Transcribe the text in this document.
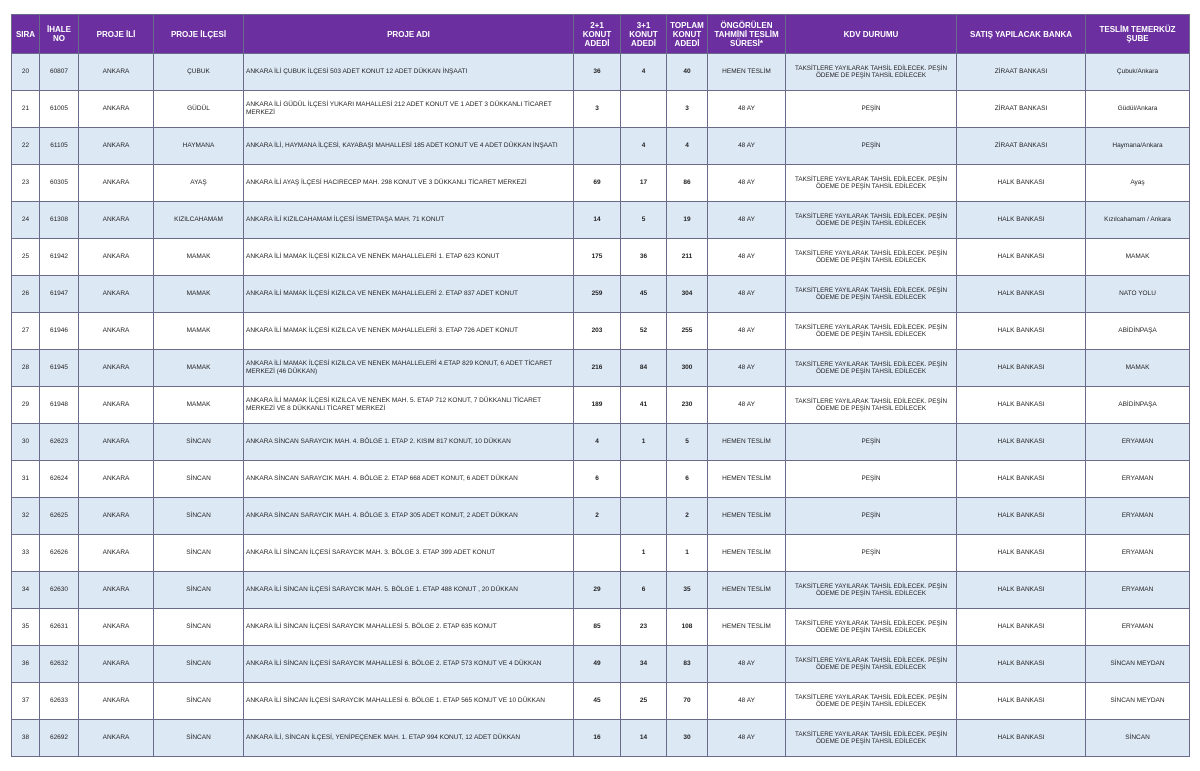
SIRA	İHALE NO	PROJE İLİ	PROJE İLÇESİ	PROJE ADI	2+1 KONUT ADEDİ	3+1 KONUT ADEDİ	TOPLAM KONUT ADEDİ	ÖNGÖRÜLEN TAHMİNİ TESLİM SÜRESİ*	KDV DURUMU	SATIŞ YAPILACAK BANKA	TESLİM TEMERKÜZ ŞUBE
20	60807	ANKARA	ÇUBUK	ANKARA İLİ ÇUBUK İLÇESİ 503 ADET KONUT 12 ADET DÜKKAN İNŞAATI	36	4	40	HEMEN TESLİM	TAKSİTLERE YAYILARAK TAHSİL EDİLECEK. PEŞİN ÖDEME DE PEŞİN TAHSİL EDİLECEK	ZİRAAT BANKASI	Çubuk/Ankara
21	61005	ANKARA	GÜDÜL	ANKARA İLİ GÜDÜL İLÇESİ YUKARI MAHALLESİ 212 ADET KONUT VE 1 ADET 3 DÜKKANLI TİCARET MERKEZİ	3		3	48 AY	PEŞİN	ZİRAAT BANKASI	Güdül/Ankara
22	61105	ANKARA	HAYMANA	ANKARA İLİ, HAYMANA İLÇESİ, KAYABAŞI MAHALLESİ 185 ADET KONUT VE 4 ADET DÜKKAN İNŞAATI		4	4	48 AY	PEŞİN	ZİRAAT BANKASI	Haymana/Ankara
23	60305	ANKARA	AYAŞ	ANKARA İLİ AYAŞ İLÇESİ HACIRECEP MAH. 298 KONUT VE 3 DÜKKANLI TİCARET MERKEZİ	69	17	86	48 AY	TAKSİTLERE YAYILARAK TAHSİL EDİLECEK. PEŞİN ÖDEME DE PEŞİN TAHSİL EDİLECEK	HALK BANKASI	Ayaş
24	61308	ANKARA	KIZILCAHAMAM	ANKARA İLİ KIZILCAHAMAM İLÇESİ İSMETPAŞA MAH. 71 KONUT	14	5	19	48 AY	TAKSİTLERE YAYILARAK TAHSİL EDİLECEK. PEŞİN ÖDEME DE PEŞİN TAHSİL EDİLECEK	HALK BANKASI	Kızılcahamam / Ankara
25	61942	ANKARA	MAMAK	ANKARA İLİ MAMAK İLÇESİ KIZILCA VE NENEK MAHALLELERİ 1. ETAP 623 KONUT	175	36	211	48 AY	TAKSİTLERE YAYILARAK TAHSİL EDİLECEK. PEŞİN ÖDEME DE PEŞİN TAHSİL EDİLECEK	HALK BANKASI	MAMAK
26	61947	ANKARA	MAMAK	ANKARA İLİ MAMAK İLÇESİ KIZILCA VE NENEK MAHALLELERİ 2. ETAP 837 ADET KONUT	259	45	304	48 AY	TAKSİTLERE YAYILARAK TAHSİL EDİLECEK. PEŞİN ÖDEME DE PEŞİN TAHSİL EDİLECEK	HALK BANKASI	NATO YOLU
27	61946	ANKARA	MAMAK	ANKARA İLİ MAMAK İLÇESİ KIZILCA VE NENEK MAHALLELERİ 3. ETAP 726 ADET KONUT	203	52	255	48 AY	TAKSİTLERE YAYILARAK TAHSİL EDİLECEK. PEŞİN ÖDEME DE PEŞİN TAHSİL EDİLECEK	HALK BANKASI	ABİDİNPAŞA
28	61945	ANKARA	MAMAK	ANKARA İLİ MAMAK İLÇESİ KIZILCA VE NENEK MAHALLELERİ 4.ETAP 829 KONUT, 6 ADET TİCARET MERKEZİ (46 DÜKKAN)	216	84	300	48 AY	TAKSİTLERE YAYILARAK TAHSİL EDİLECEK. PEŞİN ÖDEME DE PEŞİN TAHSİL EDİLECEK	HALK BANKASI	MAMAK
29	61948	ANKARA	MAMAK	ANKARA İLİ MAMAK İLÇESİ KIZILCA VE NENEK MAH. 5. ETAP 712 KONUT, 7 DÜKKANLI TİCARET MERKEZİ VE 8 DÜKKANLI TİCARET MERKEZİ	189	41	230	48 AY	TAKSİTLERE YAYILARAK TAHSİL EDİLECEK. PEŞİN ÖDEME DE PEŞİN TAHSİL EDİLECEK	HALK BANKASI	ABİDİNPAŞA
30	62623	ANKARA	SİNCAN	ANKARA SİNCAN SARAYCIK MAH. 4. BÖLGE 1. ETAP 2. KISIM 817 KONUT, 10 DÜKKAN	4	1	5	HEMEN TESLİM	PEŞİN	HALK BANKASI	ERYAMAN
31	62624	ANKARA	SİNCAN	ANKARA SİNCAN SARAYCIK MAH. 4. BÖLGE 2. ETAP 668 ADET KONUT, 6 ADET DÜKKAN	6		6	HEMEN TESLİM	PEŞİN	HALK BANKASI	ERYAMAN
32	62625	ANKARA	SİNCAN	ANKARA SİNCAN SARAYCIK MAH. 4. BÖLGE 3. ETAP 305 ADET KONUT, 2 ADET DÜKKAN	2		2	HEMEN TESLİM	PEŞİN	HALK BANKASI	ERYAMAN
33	62626	ANKARA	SİNCAN	ANKARA İLİ SİNCAN İLÇESİ SARAYCIK MAH. 3. BÖLGE 3. ETAP 399 ADET KONUT		1	1	HEMEN TESLİM	PEŞİN	HALK BANKASI	ERYAMAN
34	62630	ANKARA	SİNCAN	ANKARA İLİ SİNCAN İLÇESİ SARAYCIK MAH. 5. BÖLGE 1. ETAP 488 KONUT , 20 DÜKKAN	29	6	35	HEMEN TESLİM	TAKSİTLERE YAYILARAK TAHSİL EDİLECEK. PEŞİN ÖDEME DE PEŞİN TAHSİL EDİLECEK	HALK BANKASI	ERYAMAN
35	62631	ANKARA	SİNCAN	ANKARA İLİ SİNCAN İLÇESİ SARAYCIK MAHALLESİ 5. BÖLGE 2. ETAP 635 KONUT	85	23	108	HEMEN TESLİM	TAKSİTLERE YAYILARAK TAHSİL EDİLECEK. PEŞİN ÖDEME DE PEŞİN TAHSİL EDİLECEK	HALK BANKASI	ERYAMAN
36	62632	ANKARA	SİNCAN	ANKARA İLİ SİNCAN İLÇESİ SARAYCIK MAHALLESİ 6. BÖLGE 2. ETAP 573 KONUT VE 4 DÜKKAN	49	34	83	48 AY	TAKSİTLERE YAYILARAK TAHSİL EDİLECEK. PEŞİN ÖDEME DE PEŞİN TAHSİL EDİLECEK	HALK BANKASI	SİNCAN MEYDAN
37	62633	ANKARA	SİNCAN	ANKARA İLİ SİNCAN İLÇESİ SARAYCIK MAHALLESİ 6. BÖLGE 1. ETAP 565 KONUT VE 10 DÜKKAN	45	25	70	48 AY	TAKSİTLERE YAYILARAK TAHSİL EDİLECEK. PEŞİN ÖDEME DE PEŞİN TAHSİL EDİLECEK	HALK BANKASI	SİNCAN MEYDAN
38	62692	ANKARA	SİNCAN	ANKARA İLİ, SİNCAN İLÇESİ, YENİPEÇENEK MAH. 1. ETAP 994 KONUT, 12 ADET DÜKKAN	16	14	30	48 AY	TAKSİTLERE YAYILARAK TAHSİL EDİLECEK. PEŞİN ÖDEME DE PEŞİN TAHSİL EDİLECEK	HALK BANKASI	SİNCAN
